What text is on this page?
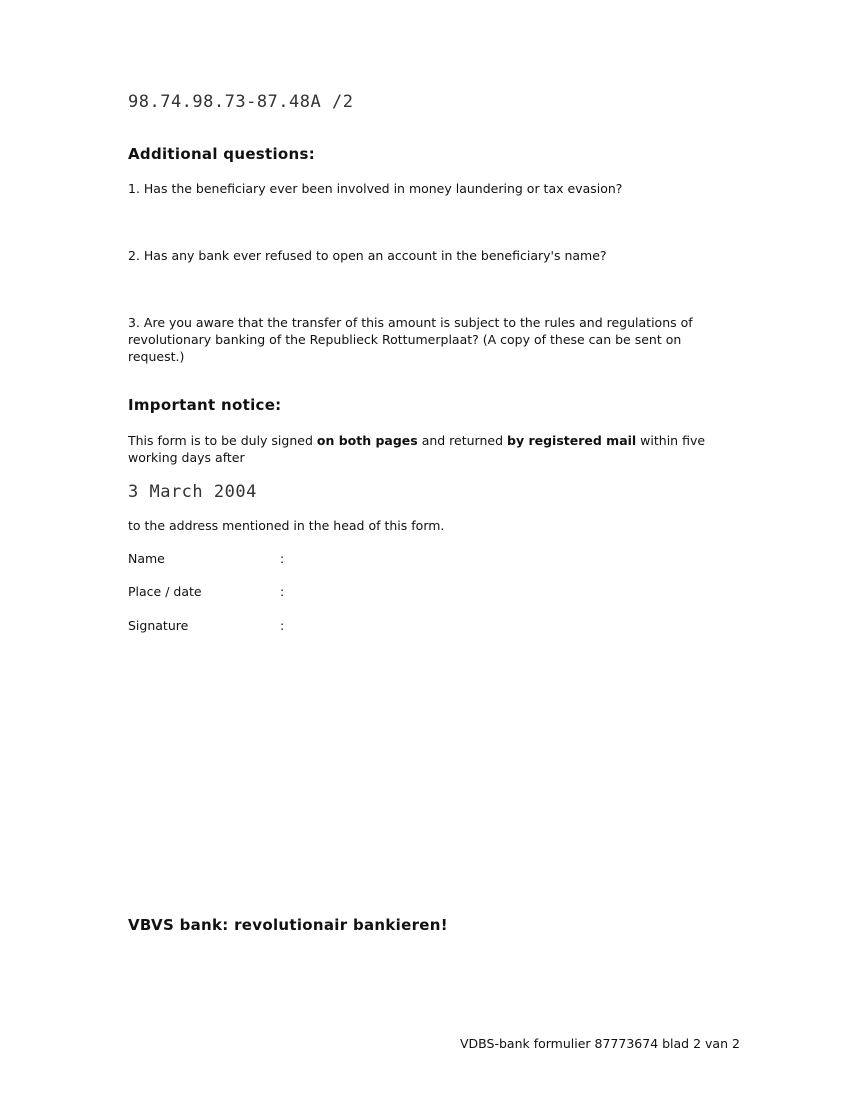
98.74.98.73-87.48A /2
Additional questions:
1. Has the beneficiary ever been involved in money laundering or tax evasion?
2. Has any bank ever refused to open an account in the beneficiary's name?
3. Are you aware that the transfer of this amount is subject to the rules and regulations of revolutionary banking of the Republieck Rottumerplaat? (A copy of these can be sent on request.)
Important notice:
This form is to be duly signed on both pages and returned by registered mail within five working days after
3 March 2004
to the address mentioned in the head of this form.
Name	:
Place / date	:
Signature	:
VBVS bank: revolutionair bankieren!
VDBS-bank formulier 87773674 blad 2 van 2
